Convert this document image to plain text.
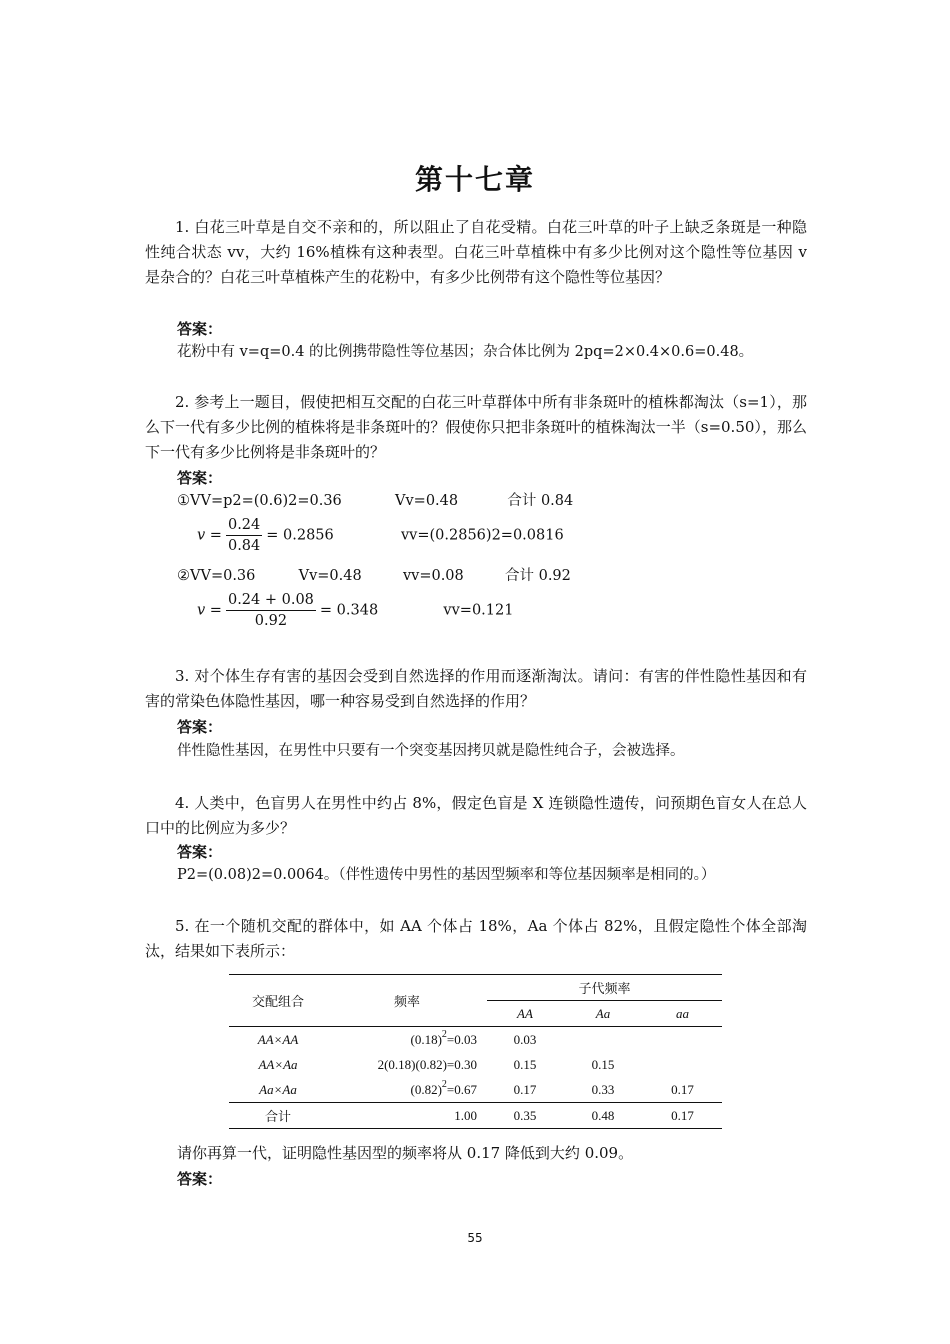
第十七章
1. 白花三叶草是自交不亲和的，所以阻止了自花受精。白花三叶草的叶子上缺乏条斑是一种隐性纯合状态 vv，大约 16%植株有这种表型。白花三叶草植株中有多少比例对这个隐性等位基因 v 是杂合的？白花三叶草植株产生的花粉中，有多少比例带有这个隐性等位基因？
答案：
花粉中有 v=q=0.4 的比例携带隐性等位基因；杂合体比例为 2pq=2×0.4×0.6=0.48。
2. 参考上一题目，假使把相互交配的白花三叶草群体中所有非条斑叶的植株都淘汰（s=1），那么下一代有多少比例的植株将是非条斑叶的？假使你只把非条斑叶的植株淘汰一半（s=0.50），那么下一代有多少比例将是非条斑叶的？
答案：
①VV=p2=(0.6)2=0.36	Vv=0.48	合计 0.84
$v = \frac{0.24}{0.84} = 0.2856$	vv=(0.2856)2=0.0816
②VV=0.36	Vv=0.48	vv=0.08	合计 0.92
$v = \frac{0.24 + 0.08}{0.92} = 0.348$	vv=0.121
3. 对个体生存有害的基因会受到自然选择的作用而逐渐淘汰。请问：有害的伴性隐性基因和有害的常染色体隐性基因，哪一种容易受到自然选择的作用？
答案：
伴性隐性基因，在男性中只要有一个突变基因拷贝就是隐性纯合子，会被选择。
4. 人类中，色盲男人在男性中约占 8%，假定色盲是 X 连锁隐性遗传，问预期色盲女人在总人口中的比例应为多少？
答案：
P2=(0.08)2=0.0064。（伴性遗传中男性的基因型频率和等位基因频率是相同的。）
5. 在一个随机交配的群体中，如 AA 个体占 18%，Aa 个体占 82%，且假定隐性个体全部淘汰，结果如下表所示：
交配组合	频率	子代频率		
		AA	Aa	aa
AA×AA	$(0.18)^2=0.03$	0.03		
AA×Aa	2(0.18)(0.82)=0.30	0.15	0.15	
Aa×Aa	$(0.82)^2=0.67$	0.17	0.33	0.17
合计	1.00	0.35	0.48	0.17
请你再算一代，证明隐性基因型的频率将从 0.17 降低到大约 0.09。
答案：
55
